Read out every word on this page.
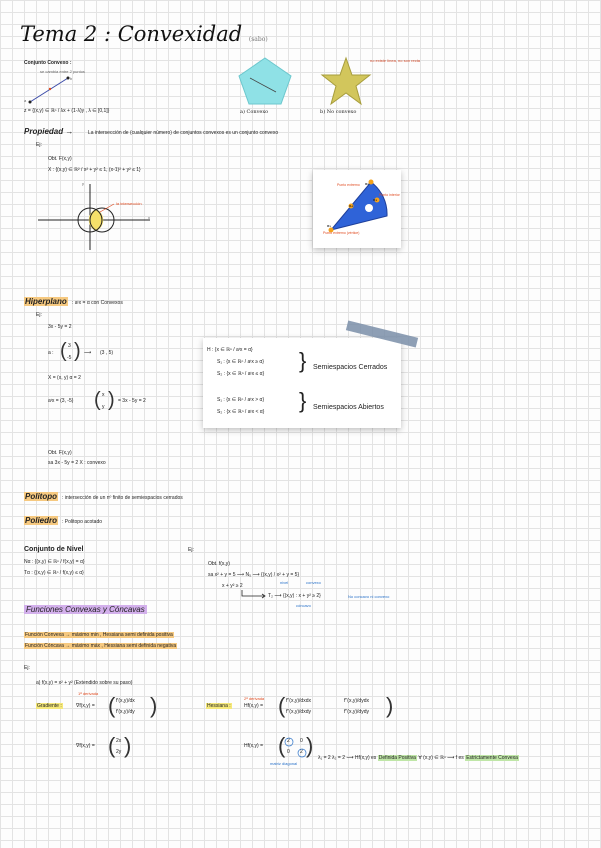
Tema 2 : Convexidad (sabo)
Conjunto Convexo :
se cambia entre 2 puntos
a
b
z = {(x,y) ∈ ℝⁿ / λx + (1-λ)y , λ ∈ [0,1]}
no existe línea, no son recta
a) Convexo	b) No convexo
Propiedad →	La intersección de (cualquier número) de conjuntos convexos es un conjunto convexo
Ej:
Obt. F(x,y)
X : {(x,y) ∈ ℝ² / x² + y² ≤ 1, (x-1)² + y² ≤ 1}
la intersección
y
x
Punto extremo
Punto interior
Punto extremo (vértice)
x₁
x₂
x₃
x₄
Hiperplano : aᵗx = α con Convexos
Ej:
3x - 5y = 2
a : ( 3
-5 ) ⟶ (3 , 5)
X = (x, y) α = 2
aᵗx = (3, -5) ( x
y ) = 3x - 5y = 2
Obt. F(x,y)
sa 3x - 5y = 2 X : convexo
H : {x ∈ ℝⁿ / aᵗx = α}
S₁ : {x ∈ ℝⁿ / aᵗx ≥ α}
S₂ : {x ∈ ℝⁿ / aᵗx ≤ α}
} Semiespacios Cerrados
S₁ : {x ∈ ℝⁿ / aᵗx > α}
S₂ : {x ∈ ℝⁿ / aᵗx < α} } Semiespacios Abiertos
Politopo : intersección de un nº finito de semiespacios cerrados
Poliedro : Politopo acotado
Conjunto de Nivel
Nα : {(x,y) ∈ ℝⁿ / f(x,y) = α}
Tα : {(x,y) ∈ ℝⁿ / f(x,y) ≤ α}
Ej:
Obt. f(x,y)
sa x² + y = 5 ⟶ N₅ ⟶ {(x,y) / x² + y = 5}
nivel	convexo
x + y² ≥ 2
T₂ ⟶ {(x,y) : x + y² ≥ 2}
cóncavo
No concavo ni convexo
Funciones Convexas y Cóncavas
Función Convexa → máximo min , Hessiana semi definida positiva
Función Cóncava → máximo máx , Hessiana semi definida negativa
Ej:
a) f(x,y) = x² + y² (Extendido sobre su paso)
1ª derivada
2ª derivada
Gradiente :	∇f(x,y) = ( f'(x,y)/dx
f'(x,y)/dy )	Hessiana :	Hf(x,y) = ( f''(x,y)/dxdx	f''(x,y)/dydx
f''(x,y)/dxdy	f''(x,y)/dydy )
∇f(x,y) = ( 2x
2y )	Hf(x,y) = ( 2 0
0 2 )
matriz diagonal
λ₁ = 2 λ₂ = 2 ⟶ Hf(x,y) es Definida Positiva ∀ (x,y) ∈ ℝⁿ ⟶ f es Estrictamente Convexa
